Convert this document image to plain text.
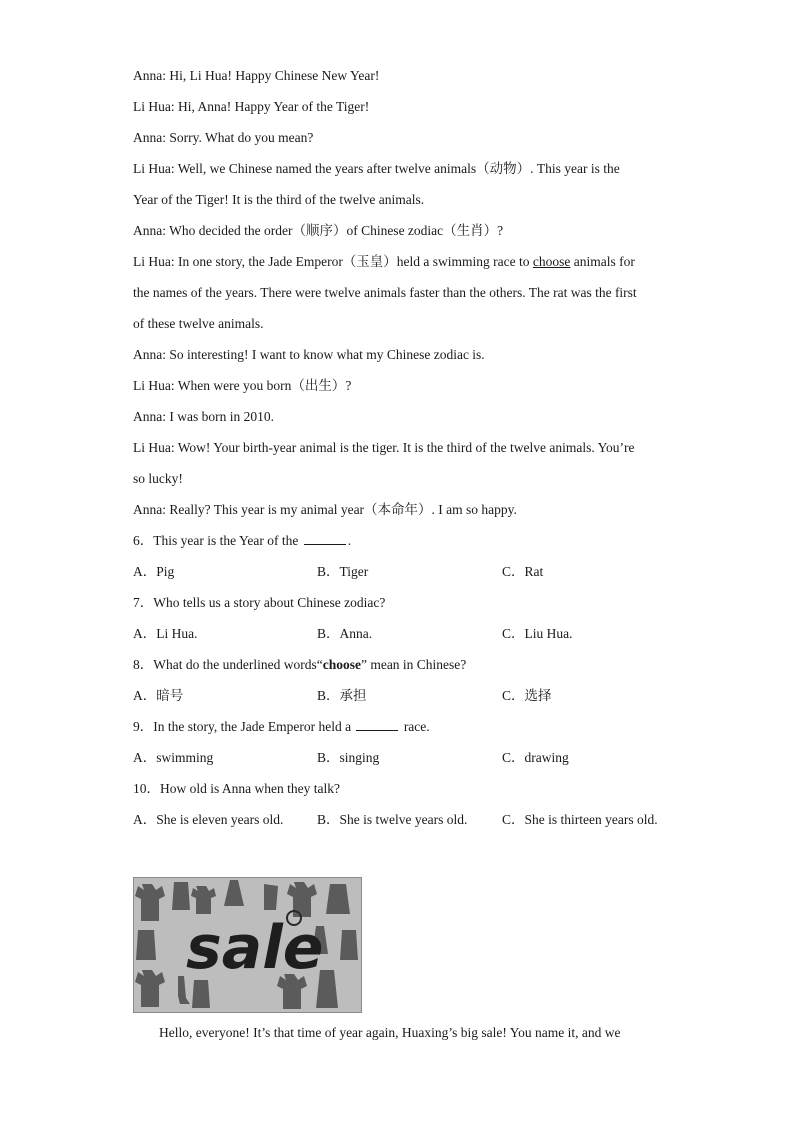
Anna: Hi, Li Hua! Happy Chinese New Year!
Li Hua: Hi, Anna! Happy Year of the Tiger!
Anna: Sorry. What do you mean?
Li Hua: Well, we Chinese named the years after twelve animals（动物）. This year is the
Year of the Tiger! It is the third of the twelve animals.
Anna: Who decided the order（顺序）of Chinese zodiac（生肖）?
Li Hua: In one story, the Jade Emperor（玉皇）held a swimming race to choose animals for
the names of the years. There were twelve animals faster than the others. The rat was the first
of these twelve animals.
Anna: So interesting! I want to know what my Chinese zodiac is.
Li Hua: When were you born（出生）?
Anna: I was born in 2010.
Li Hua: Wow! Your birth-year animal is the tiger. It is the third of the twelve animals. You’re
so lucky!
Anna: Really? This year is my animal year（本命年）. I am so happy.
6．This year is the Year of the	.
A．Pig	B．Tiger	C．Rat
7．Who tells us a story about Chinese zodiac?
A．Li Hua.	B．Anna.	C．Liu Hua.
8．What do the underlined words“choose” mean in Chinese?
A．暗号	B．承担	C．选择
9．In the story, the Jade Emperor held a	race.
A．swimming	B．singing	C．drawing
10．How old is Anna when they talk?
A．She is eleven years old. B．She is twelve years old.	C．She is thirteen years old.
sale
Hello, everyone! It’s that time of year again, Huaxing’s big sale! You name it, and we
